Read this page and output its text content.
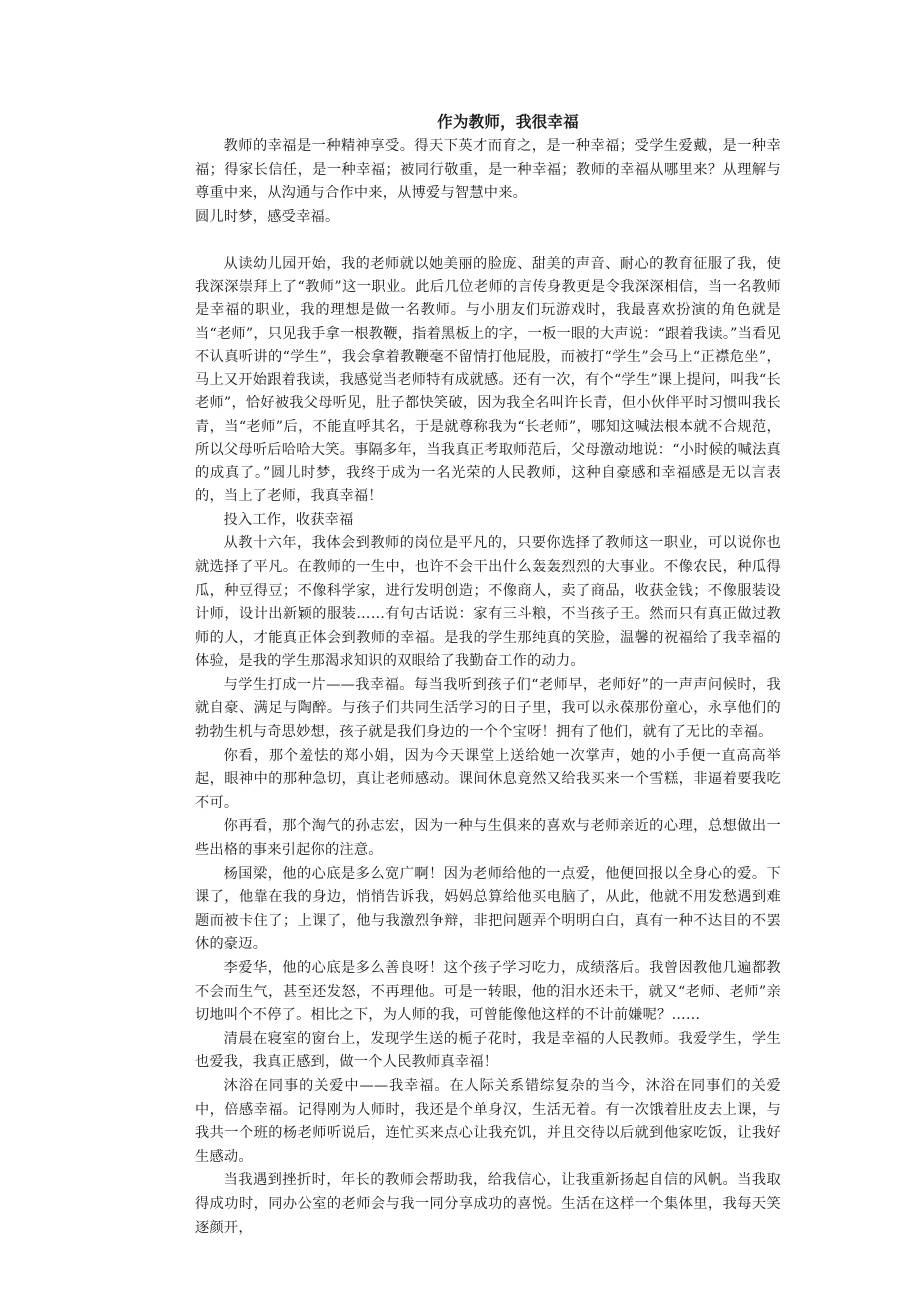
作为教师，我很幸福

教师的幸福是一种精神享受。得天下英才而育之，是一种幸福；受学生爱戴，是一种幸福；得家长信任，是一种幸福；被同行敬重，是一种幸福；教师的幸福从哪里来？从理解与尊重中来，从沟通与合作中来，从博爱与智慧中来。

圆儿时梦，感受幸福。

从读幼儿园开始，我的老师就以她美丽的脸庞、甜美的声音、耐心的教育征服了我，使我深深崇拜上了“教师”这一职业。此后几位老师的言传身教更是令我深深相信，当一名教师是幸福的职业，我的理想是做一名教师。与小朋友们玩游戏时，我最喜欢扮演的角色就是当“老师”，只见我手拿一根教鞭，指着黑板上的字，一板一眼的大声说：“跟着我读。”当看见不认真听讲的“学生”，我会拿着教鞭毫不留情打他屁股，而被打“学生”会马上“正襟危坐”，马上又开始跟着我读，我感觉当老师特有成就感。还有一次，有个“学生”课上提问，叫我“长老师”，恰好被我父母听见，肚子都快笑破，因为我全名叫许长青，但小伙伴平时习惯叫我长青，当“老师”后，不能直呼其名，于是就尊称我为“长老师”，哪知这喊法根本就不合规范，所以父母听后哈哈大笑。事隔多年，当我真正考取师范后，父母激动地说：“小时候的喊法真的成真了。”圆儿时梦，我终于成为一名光荣的人民教师，这种自豪感和幸福感是无以言表的，当上了老师，我真幸福！

投入工作，收获幸福

从教十六年，我体会到教师的岗位是平凡的，只要你选择了教师这一职业，可以说你也就选择了平凡。在教师的一生中，也许不会干出什么轰轰烈烈的大事业。不像农民，种瓜得瓜，种豆得豆；不像科学家，进行发明创造；不像商人，卖了商品，收获金钱；不像服装设计师，设计出新颖的服装……有句古话说：家有三斗粮，不当孩子王。然而只有真正做过教师的人，才能真正体会到教师的幸福。是我的学生那纯真的笑脸，温馨的祝福给了我幸福的体验，是我的学生那渴求知识的双眼给了我勤奋工作的动力。

与学生打成一片——我幸福。每当我听到孩子们“老师早，老师好”的一声声问候时，我就自豪、满足与陶醉。与孩子们共同生活学习的日子里，我可以永葆那份童心，永享他们的勃勃生机与奇思妙想，孩子就是我们身边的一个个宝呀！拥有了他们，就有了无比的幸福。

你看，那个羞怯的郑小娟，因为今天课堂上送给她一次掌声，她的小手便一直高高举起，眼神中的那种急切，真让老师感动。课间休息竟然又给我买来一个雪糕，非逼着要我吃不可。

你再看，那个淘气的孙志宏，因为一种与生俱来的喜欢与老师亲近的心理，总想做出一些出格的事来引起你的注意。

杨国梁，他的心底是多么宽广啊！因为老师给他的一点爱，他便回报以全身心的爱。下课了，他靠在我的身边，悄悄告诉我，妈妈总算给他买电脑了，从此，他就不用发愁遇到难题而被卡住了；上课了，他与我激烈争辩，非把问题弄个明明白白，真有一种不达目的不罢休的豪迈。

李爱华，他的心底是多么善良呀！这个孩子学习吃力，成绩落后。我曾因教他几遍都教不会而生气，甚至还发怒，不再理他。可是一转眼，他的泪水还未干，就又“老师、老师”亲切地叫个不停了。相比之下，为人师的我，可曾能像他这样的不计前嫌呢？……

清晨在寝室的窗台上，发现学生送的栀子花时，我是幸福的人民教师。我爱学生，学生也爱我，我真正感到，做一个人民教师真幸福！

沐浴在同事的关爱中——我幸福。在人际关系错综复杂的当今，沐浴在同事们的关爱中，倍感幸福。记得刚为人师时，我还是个单身汉，生活无着。有一次饿着肚皮去上课，与我共一个班的杨老师听说后，连忙买来点心让我充饥，并且交待以后就到他家吃饭，让我好生感动。

当我遇到挫折时，年长的教师会帮助我，给我信心，让我重新扬起自信的风帆。当我取得成功时，同办公室的老师会与我一同分享成功的喜悦。生活在这样一个集体里，我每天笑逐颜开，
